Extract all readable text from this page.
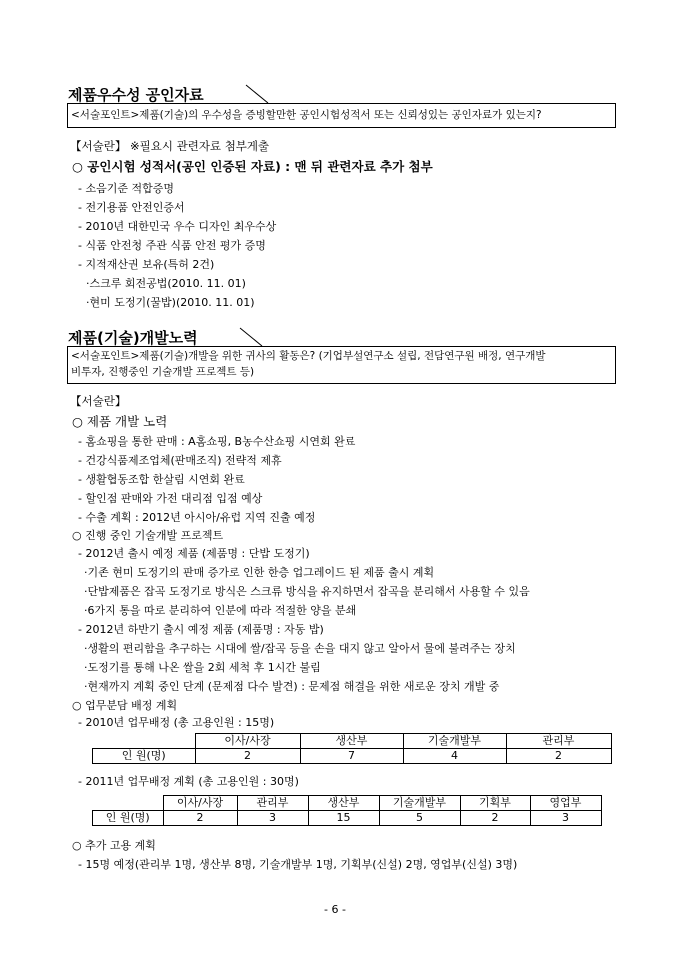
제품우수성 공인자료
<서술포인트>제품(기술)의 우수성을 증빙할만한 공인시험성적서 또는 신뢰성있는 공인자료가 있는지?
【서술란】 ※필요시 관련자료 첨부게출
○ 공인시험 성적서(공인 인증된 자료) : 맨 뒤 관련자료 추가 첨부
- 소음기준 적합증명
- 전기용품 안전인증서
- 2010년 대한민국 우수 디자인 최우수상
- 식품 안전청 주관 식품 안전 평가 증명
- 지적재산권 보유(특허 2건)
·스크루 회전공법(2010. 11. 01)
·현미 도정기(꿀밥)(2010. 11. 01)
제품(기술)개발노력
<서술포인트>제품(기술)개발을 위한 귀사의 활동은? (기업부설연구소 설립, 전담연구원 배정, 연구개발
비투자, 진행중인 기술개발 프로젝트 등)
【서술란】
○ 제품 개발 노력
- 홈쇼핑을 통한 판매 : A홈쇼핑, B농수산쇼핑 시연회 완료
- 건강식품제조업체(판매조직) 전략적 제휴
- 생활협동조합 한살림 시연회 완료
- 할인점 판매와 가전 대리점 입점 예상
- 수출 계획 : 2012년 아시아/유럽 지역 진출 예정
○ 진행 중인 기술개발 프로젝트
- 2012년 출시 예정 제품 (제품명 : 단밥 도정기)
·기존 현미 도정기의 판매 증가로 인한 한층 업그레이드 된 제품 출시 계획
·단밥제품은 잡곡 도정기로 방식은 스크류 방식을 유지하면서 잡곡을 분리해서 사용할 수 있음
·6가지 통을 따로 분리하여 인분에 따라 적절한 양을 분쇄
- 2012년 하반기 출시 예정 제품 (제품명 : 자동 밥)
·생활의 편리함을 추구하는 시대에 쌀/잡곡 등을 손을 대지 않고 알아서 물에 불려주는 장치
·도정기를 통해 나온 쌀을 2회 세척 후 1시간 불림
·현재까지 계획 중인 단계 (문제점 다수 발견) : 문제점 해결을 위한 새로운 장치 개발 중
○ 업무분담 배정 계획
- 2010년 업무배정 (총 고용인원 : 15명)
	이사/사장	생산부	기술개발부	관리부
인 원(명)	2	7	4	2
- 2011년 업무배정 계획 (총 고용인원 : 30명)
	이사/사장	관리부	생산부	기술개발부	기획부	영업부
인 원(명)	2	3	15	5	2	3
○ 추가 고용 계획
- 15명 예정(관리부 1명, 생산부 8명, 기술개발부 1명, 기획부(신설) 2명, 영업부(신설) 3명)
- 6 -
